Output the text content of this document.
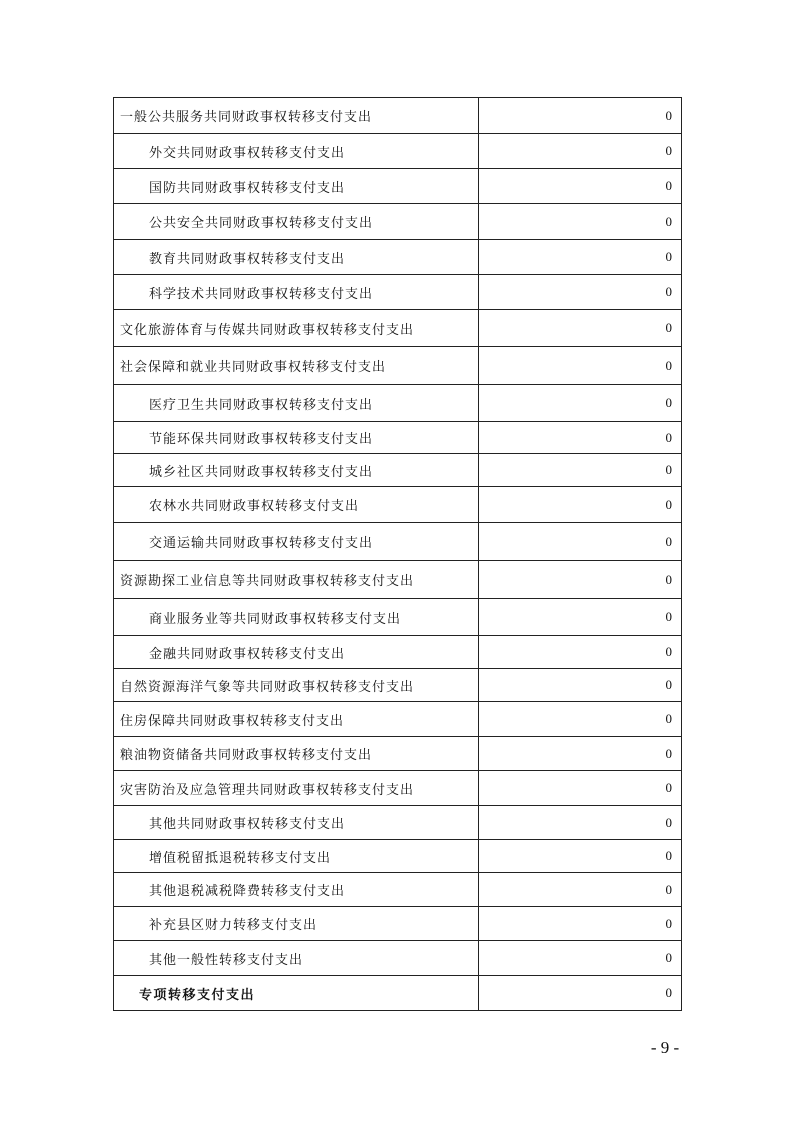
一般公共服务共同财政事权转移支付支出	0
外交共同财政事权转移支付支出	0
国防共同财政事权转移支付支出	0
公共安全共同财政事权转移支付支出	0
教育共同财政事权转移支付支出	0
科学技术共同财政事权转移支付支出	0
文化旅游体育与传媒共同财政事权转移支付支出	0
社会保障和就业共同财政事权转移支付支出	0
医疗卫生共同财政事权转移支付支出	0
节能环保共同财政事权转移支付支出	0
城乡社区共同财政事权转移支付支出	0
农林水共同财政事权转移支付支出	0
交通运输共同财政事权转移支付支出	0
资源勘探工业信息等共同财政事权转移支付支出	0
商业服务业等共同财政事权转移支付支出	0
金融共同财政事权转移支付支出	0
自然资源海洋气象等共同财政事权转移支付支出	0
住房保障共同财政事权转移支付支出	0
粮油物资储备共同财政事权转移支付支出	0
灾害防治及应急管理共同财政事权转移支付支出	0
其他共同财政事权转移支付支出	0
增值税留抵退税转移支付支出	0
其他退税减税降费转移支付支出	0
补充县区财力转移支付支出	0
其他一般性转移支付支出	0
专项转移支付支出	0
- 9 -
